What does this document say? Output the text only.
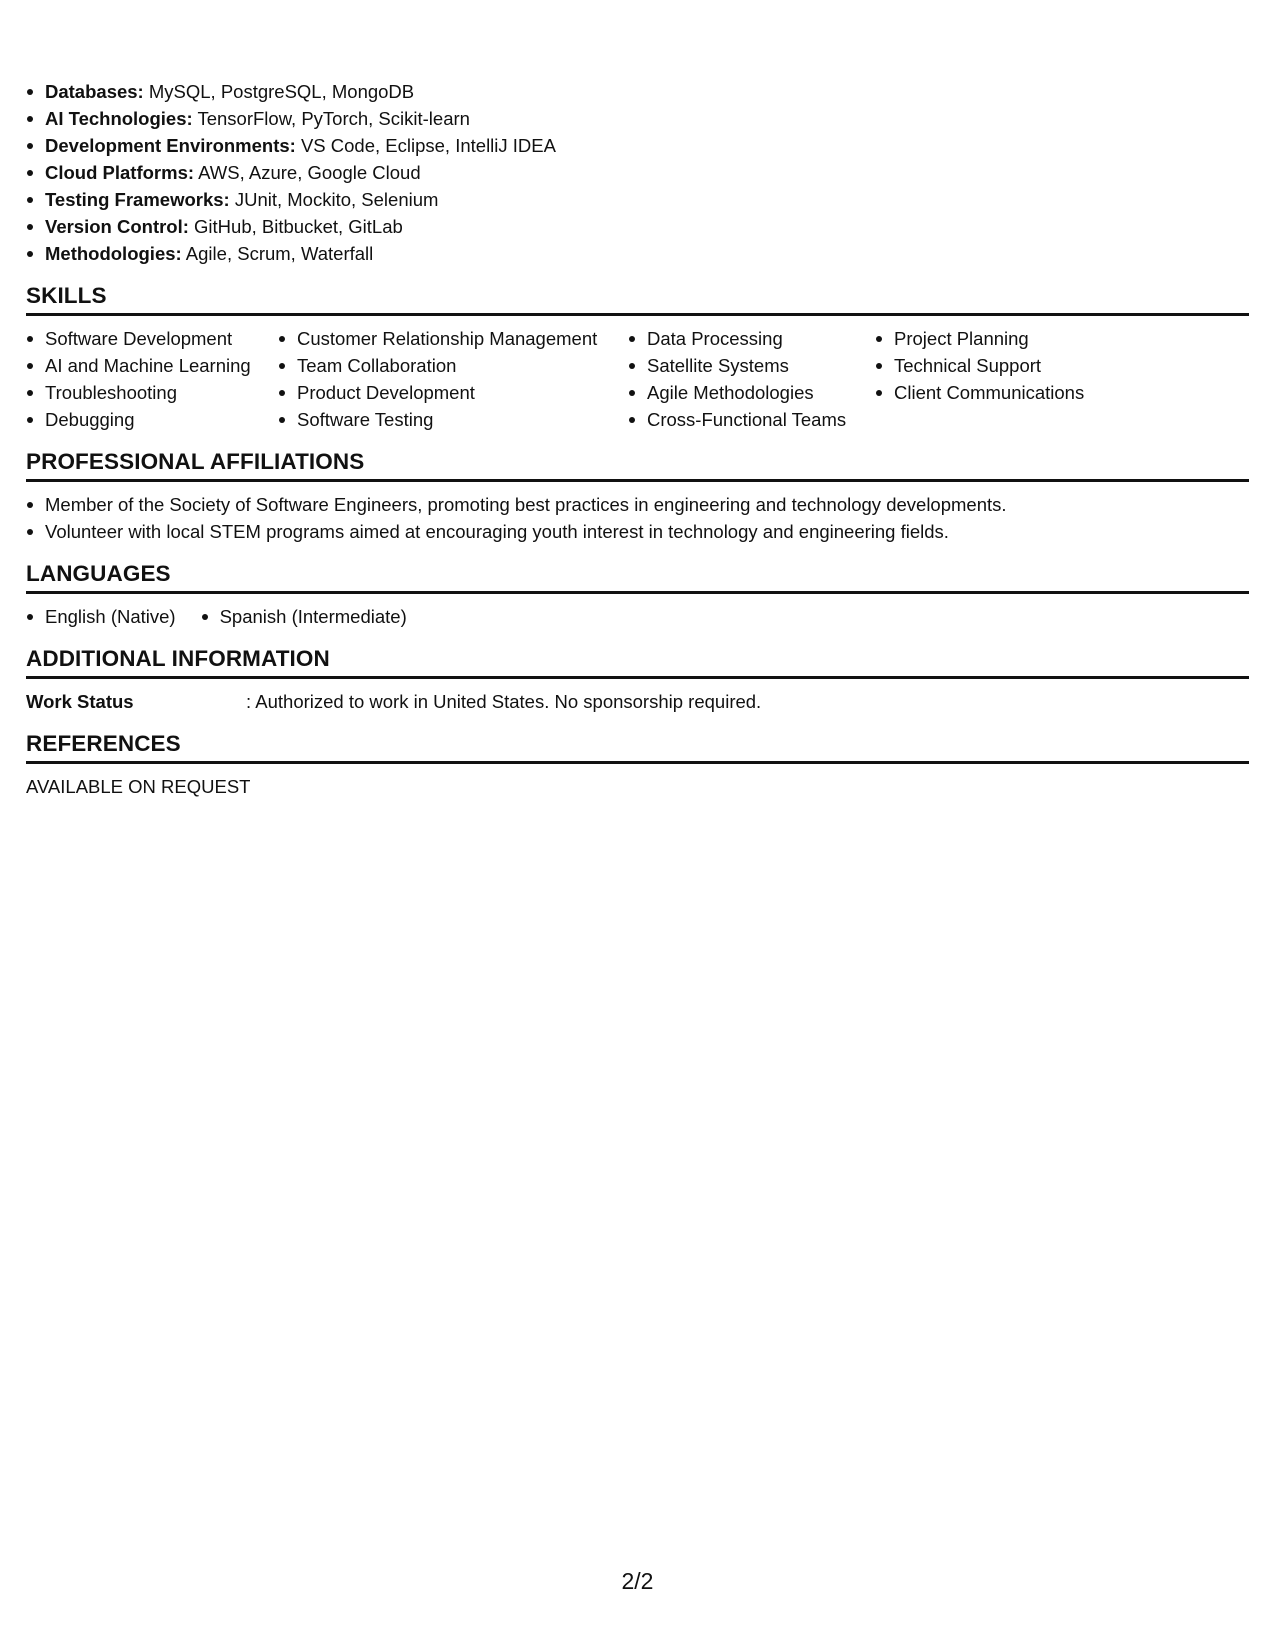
Databases: MySQL, PostgreSQL, MongoDB
AI Technologies: TensorFlow, PyTorch, Scikit-learn
Development Environments: VS Code, Eclipse, IntelliJ IDEA
Cloud Platforms: AWS, Azure, Google Cloud
Testing Frameworks: JUnit, Mockito, Selenium
Version Control: GitHub, Bitbucket, GitLab
Methodologies: Agile, Scrum, Waterfall
SKILLS
Software Development
AI and Machine Learning
Troubleshooting
Debugging
Customer Relationship Management
Team Collaboration
Product Development
Software Testing
Data Processing
Satellite Systems
Agile Methodologies
Cross-Functional Teams
Project Planning
Technical Support
Client Communications
PROFESSIONAL AFFILIATIONS
Member of the Society of Software Engineers, promoting best practices in engineering and technology developments.
Volunteer with local STEM programs aimed at encouraging youth interest in technology and engineering fields.
LANGUAGES
English (Native)	Spanish (Intermediate)
ADDITIONAL INFORMATION
Work Status	: Authorized to work in United States. No sponsorship required.
REFERENCES
AVAILABLE ON REQUEST
2/2
